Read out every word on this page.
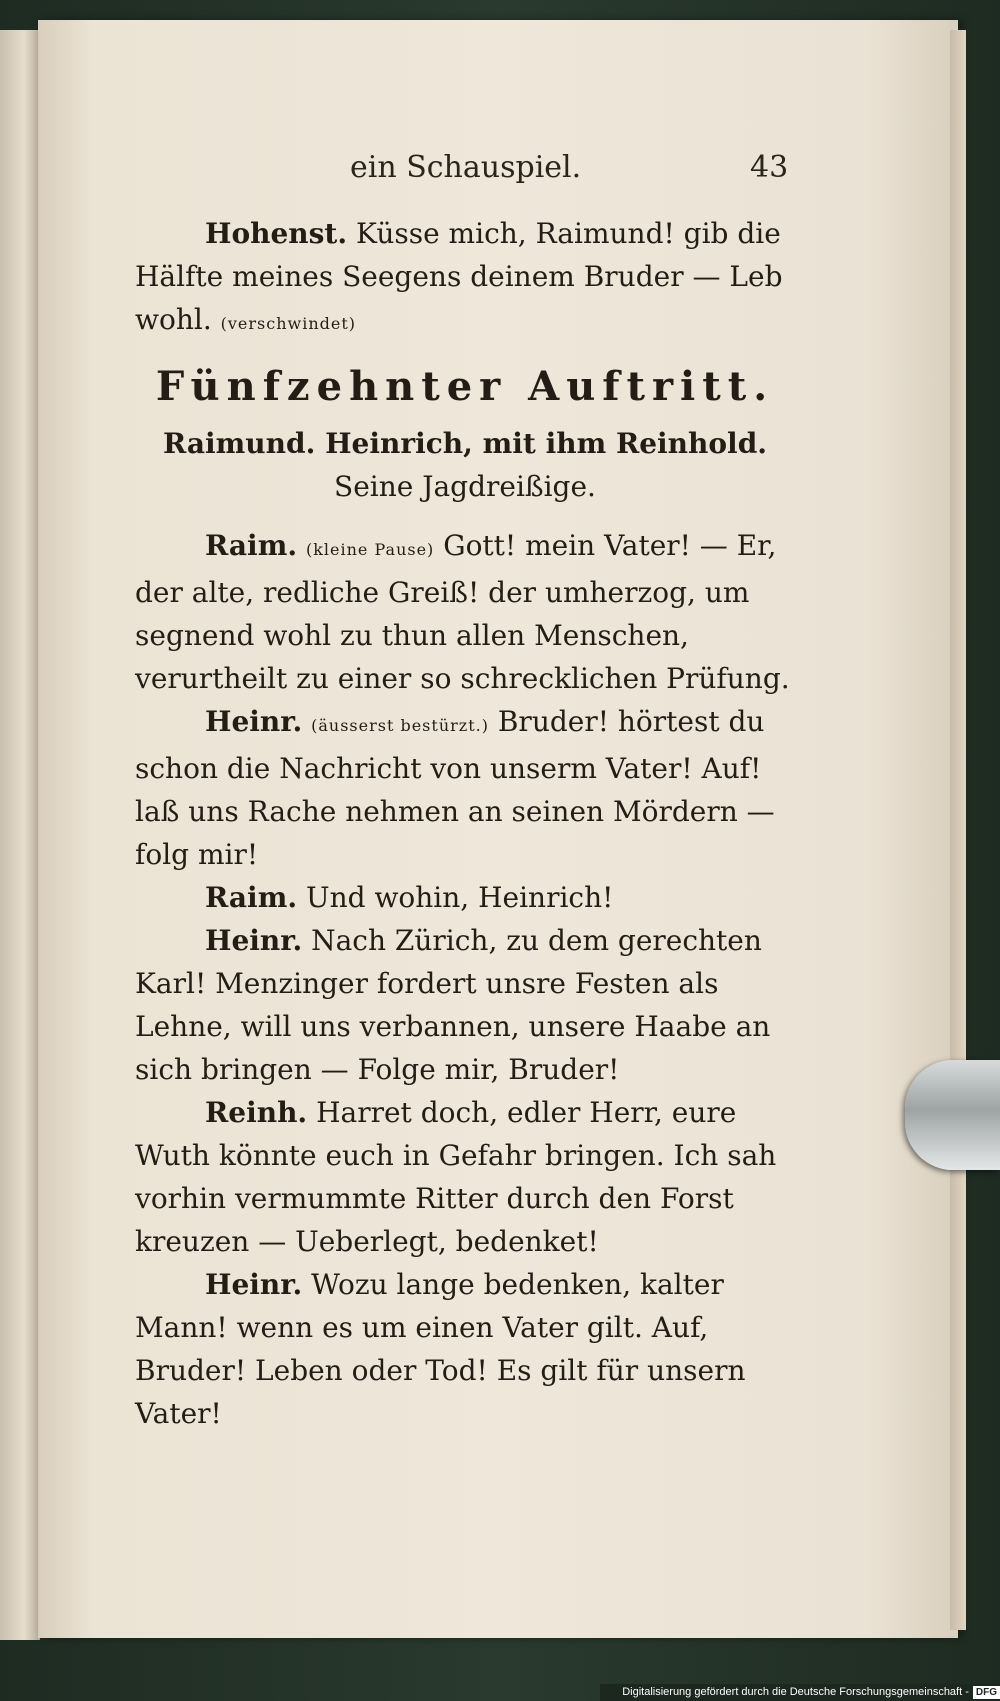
ein Schauspiel.	43

Hohenst. Küsse mich, Raimund! gib die Hälfte meines Seegens deinem Bruder — Leb wohl. (verschwindet)

Fünfzehnter Auftritt.

Raimund. Heinrich, mit ihm Reinhold. Seine Jagdreißige.

Raim. (kleine Pause) Gott! mein Vater! — Er, der alte, redliche Greiß! der umherzog, um segnend wohl zu thun allen Menschen, verurtheilt zu einer so schrecklichen Prüfung.

Heinr. (äusserst bestürzt.) Bruder! hörtest du schon die Nachricht von unserm Vater! Auf! laß uns Rache nehmen an seinen Mördern — folg mir!

Raim. Und wohin, Heinrich!

Heinr. Nach Zürich, zu dem gerechten Karl! Menzinger fordert unsre Festen als Lehne, will uns verbannen, unsere Haabe an sich bringen — Folge mir, Bruder!

Reinh. Harret doch, edler Herr, eure Wuth könnte euch in Gefahr bringen. Ich sah vorhin vermummte Ritter durch den Forst kreuzen — Ueberlegt, bedenket!

Heinr. Wozu lange bedenken, kalter Mann! wenn es um einen Vater gilt. Auf, Bruder! Leben oder Tod! Es gilt für unsern Vater!

Digitalisierung gefördert durch die Deutsche Forschungsgemeinschaft - DFG
